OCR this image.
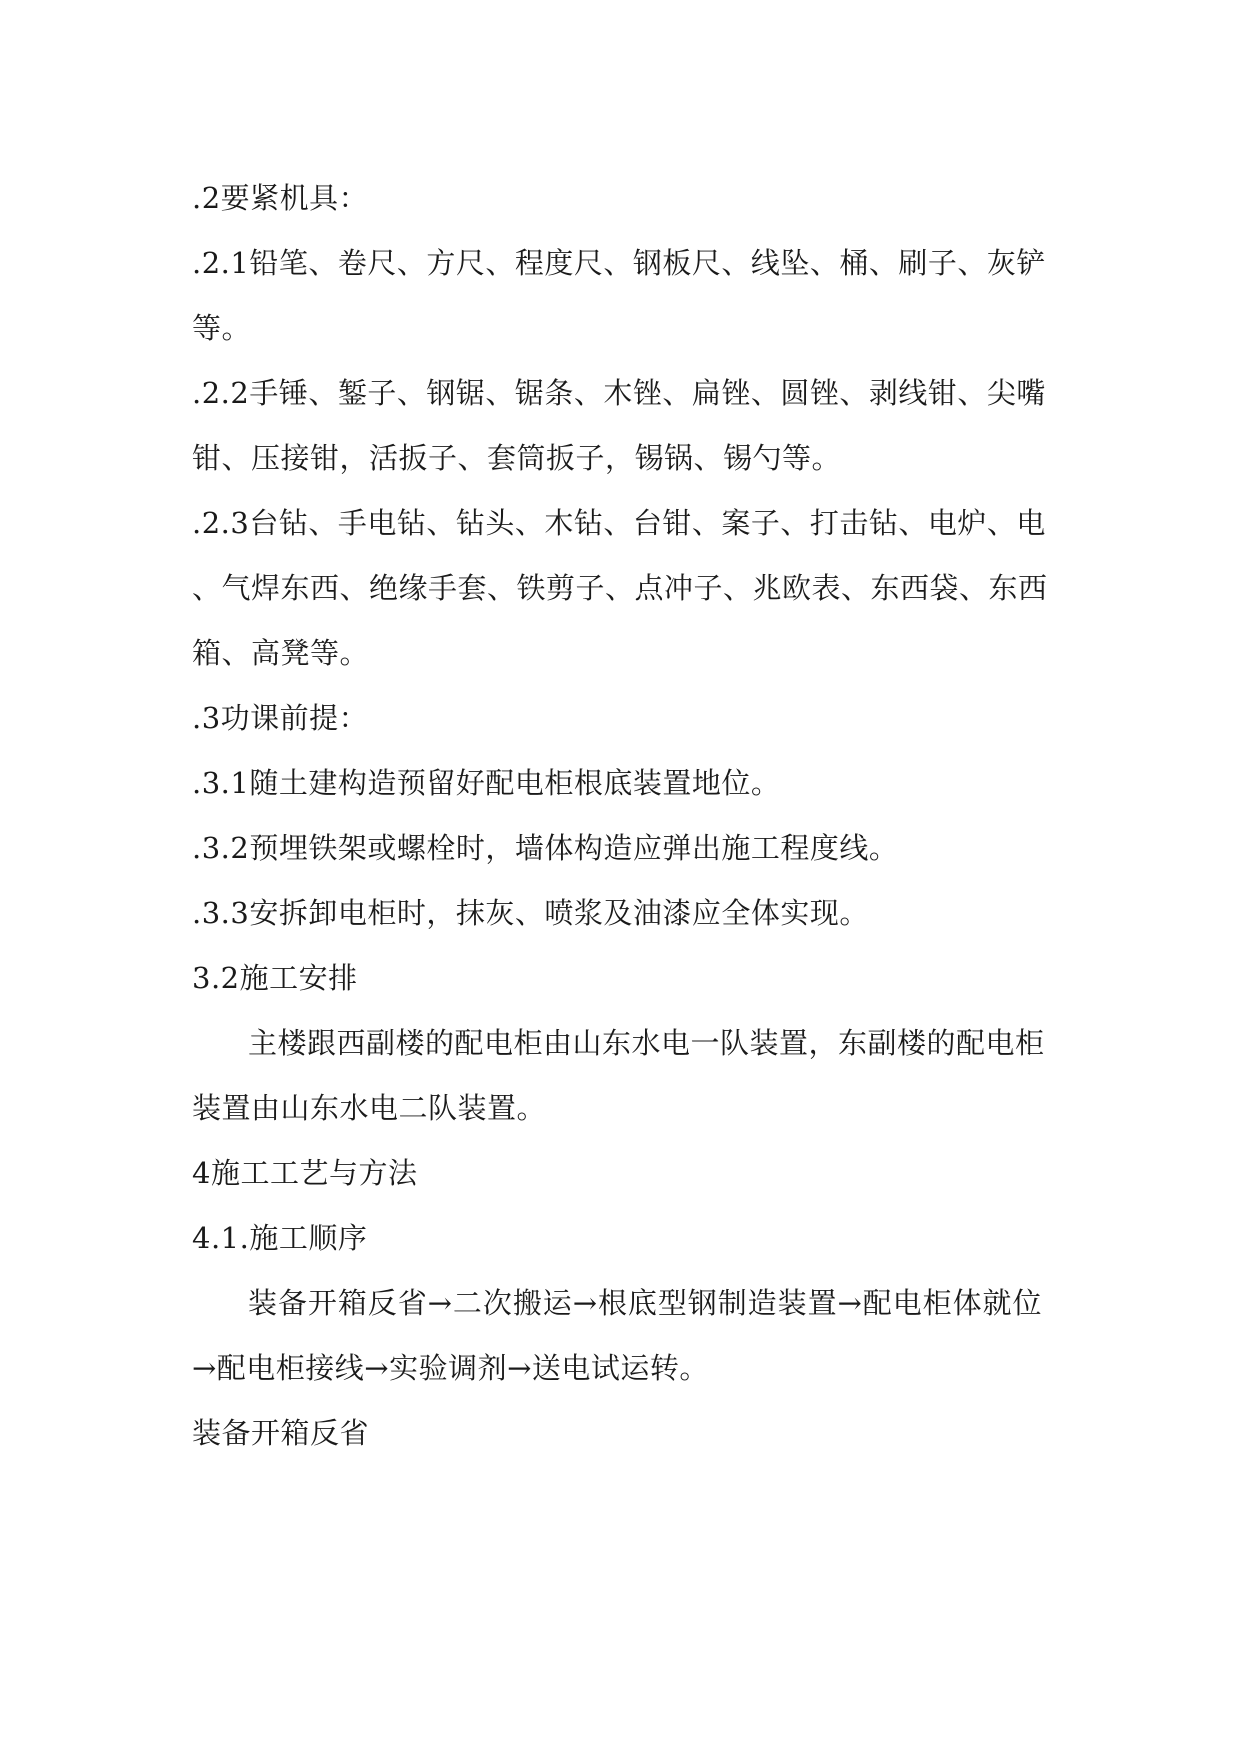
.2要紧机具：
.2.1铅笔、卷尺、方尺、程度尺、钢板尺、线坠、桶、刷子、灰铲
等。
.2.2手锤、錾子、钢锯、锯条、木锉、扁锉、圆锉、剥线钳、尖嘴
钳、压接钳，活扳子、套筒扳子，锡锅、锡勺等。
.2.3台钻、手电钻、钻头、木钻、台钳、案子、打击钻、电炉、电
、气焊东西、绝缘手套、铁剪子、点冲子、兆欧表、东西袋、东西
箱、高凳等。
.3功课前提：
.3.1随土建构造预留好配电柜根底装置地位。
.3.2预埋铁架或螺栓时，墙体构造应弹出施工程度线。
.3.3安拆卸电柜时，抹灰、喷浆及油漆应全体实现。
3.2施工安排
主楼跟西副楼的配电柜由山东水电一队装置，东副楼的配电柜
装置由山东水电二队装置。
4施工工艺与方法
4.1.施工顺序
装备开箱反省→二次搬运→根底型钢制造装置→配电柜体就位
→配电柜接线→实验调剂→送电试运转。
装备开箱反省
